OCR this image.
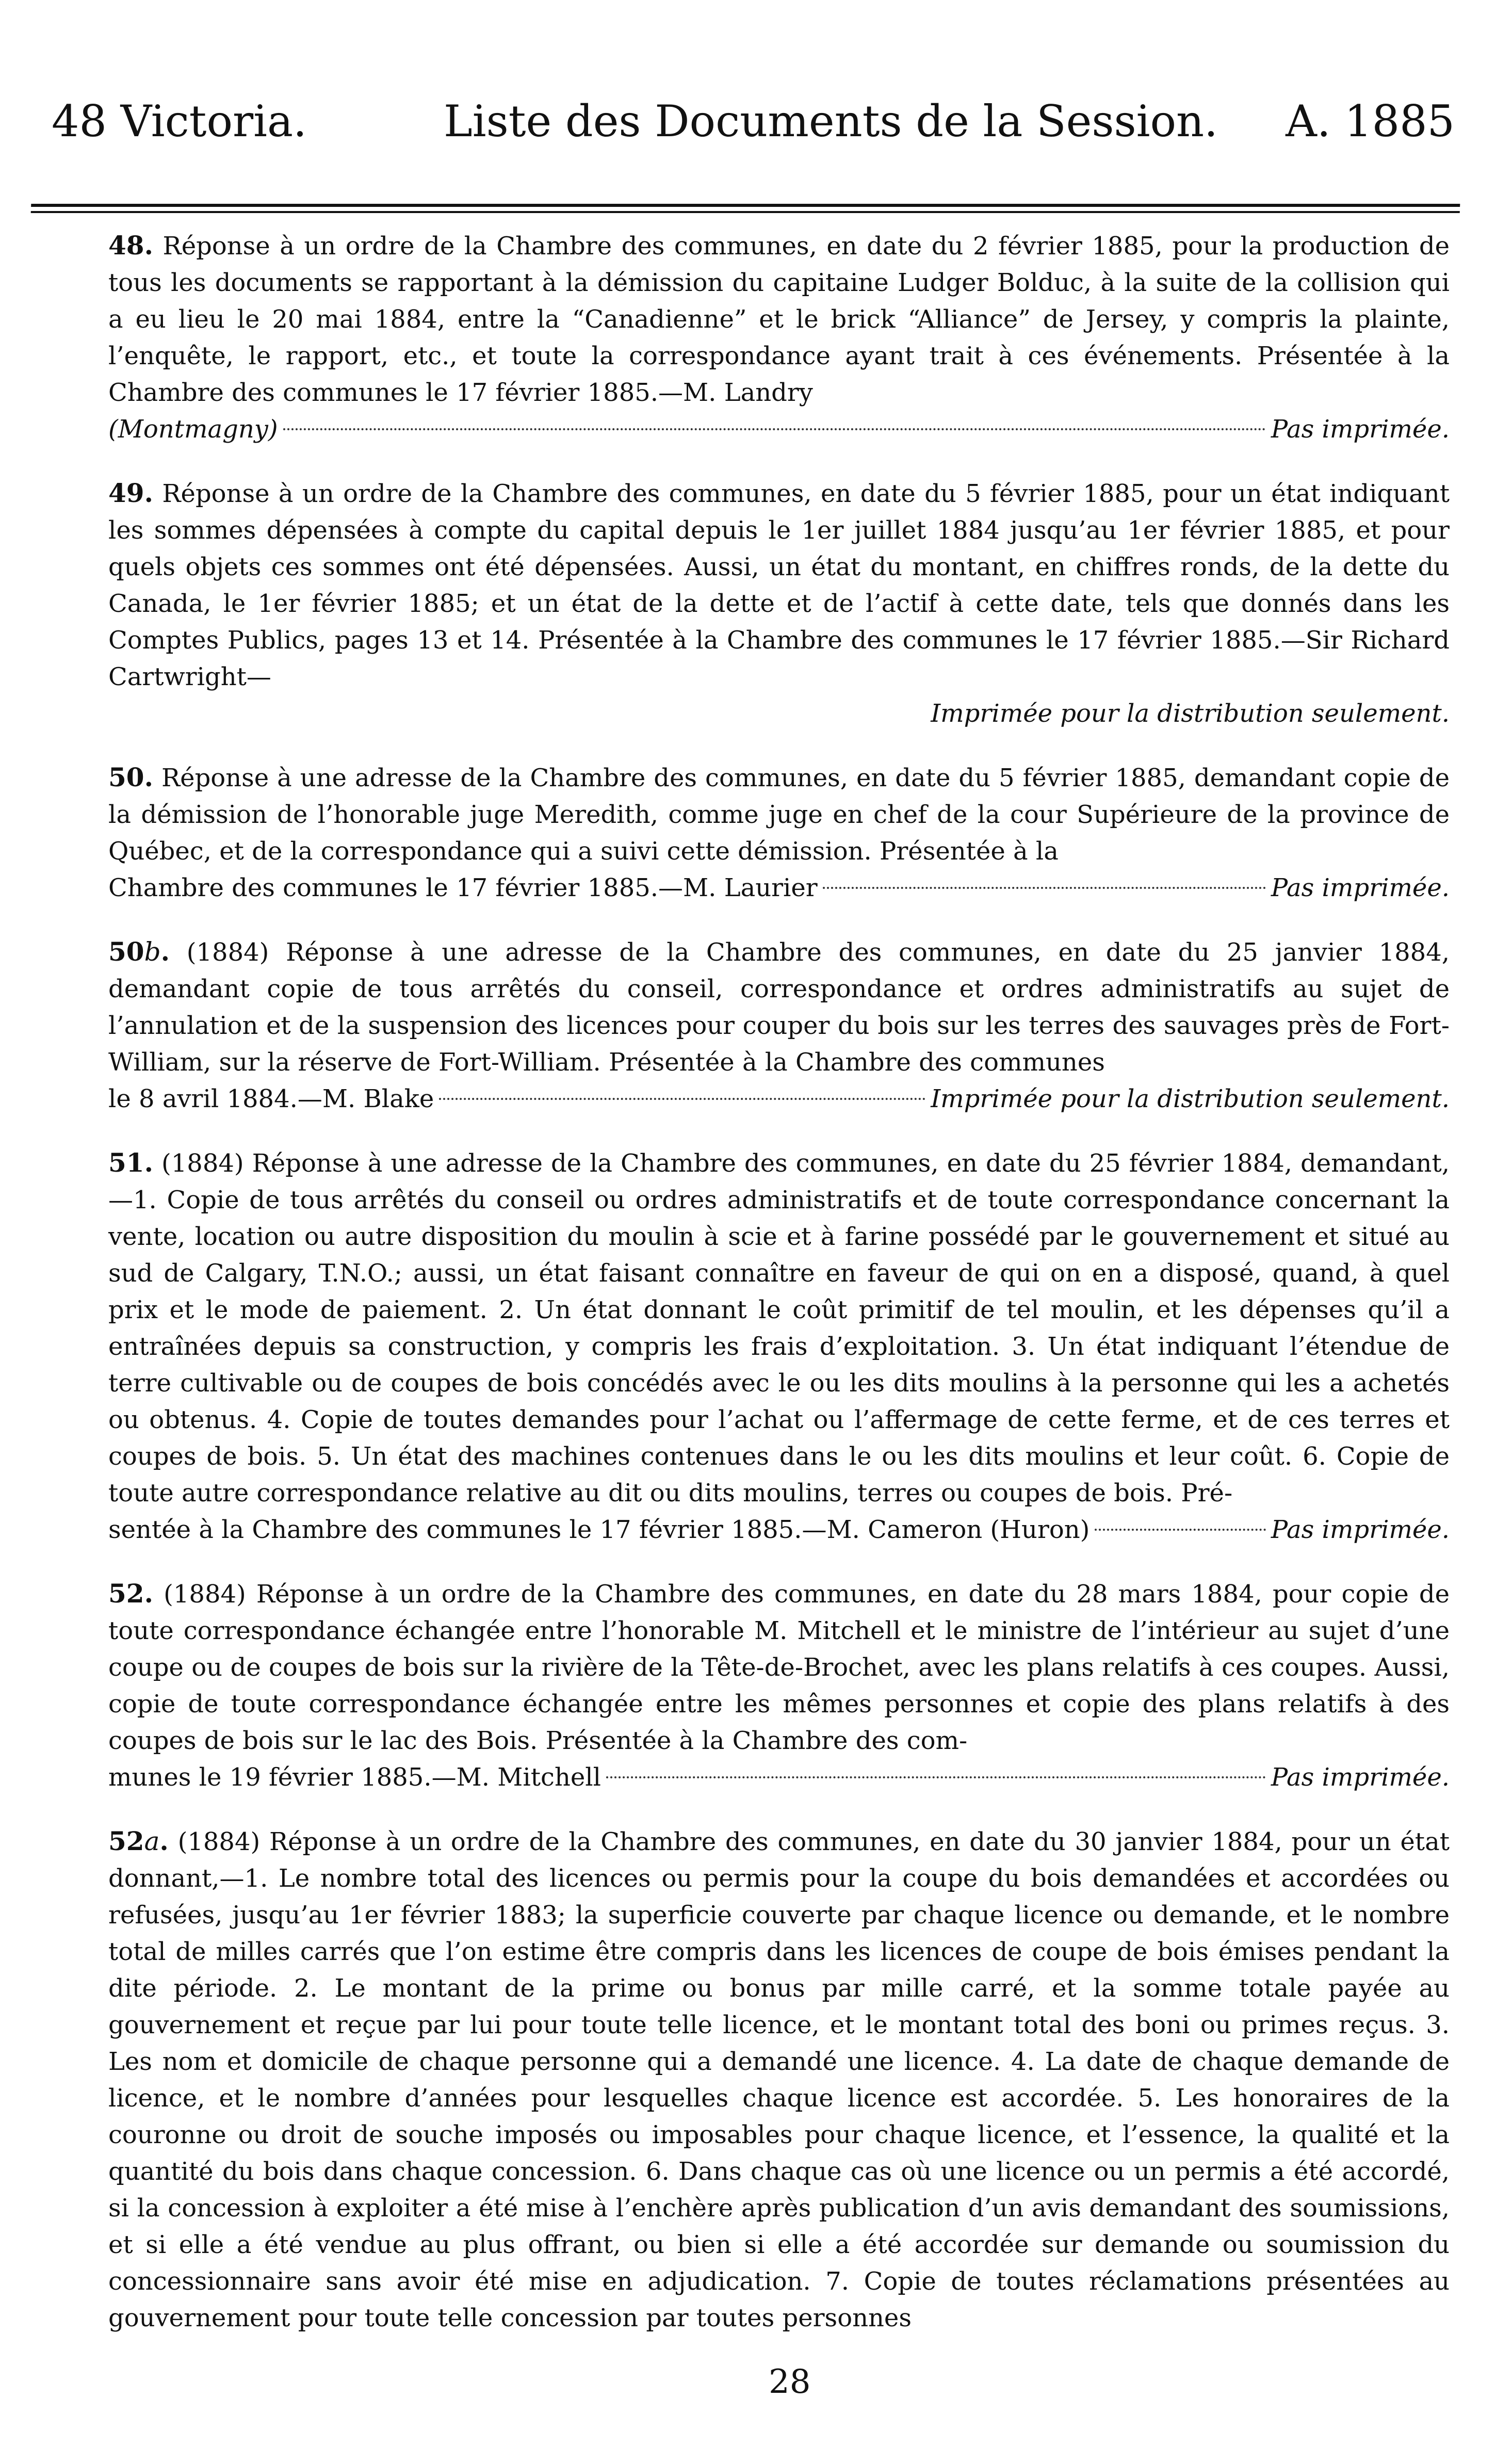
48 Victoria.	Liste des Documents de la Session. A. 1885
48. Réponse à un ordre de la Chambre des communes, en date du 2 février 1885, pour la production de tous les documents se rapportant à la démission du capitaine Ludger Bolduc, à la suite de la collision qui a eu lieu le 20 mai 1884, entre la “Canadienne” et le brick “Alliance” de Jersey, y compris la plainte, l’enquête, le rapport, etc., et toute la correspondance ayant trait à ces événements. Présentée à la Chambre des communes le 17 février 1885.—M. Landry
(Montmagny)	Pas imprimée.
49. Réponse à un ordre de la Chambre des communes, en date du 5 février 1885, pour un état indiquant les sommes dépensées à compte du capital depuis le 1er juillet 1884 jusqu’au 1er février 1885, et pour quels objets ces sommes ont été dépensées. Aussi, un état du montant, en chiffres ronds, de la dette du Canada, le 1er février 1885; et un état de la dette et de l’actif à cette date, tels que donnés dans les Comptes Publics, pages 13 et 14. Présentée à la Chambre des communes le 17 février 1885.—Sir Richard Cartwright—
Imprimée pour la distribution seulement.
50. Réponse à une adresse de la Chambre des communes, en date du 5 février 1885, demandant copie de la démission de l’honorable juge Meredith, comme juge en chef de la cour Supérieure de la province de Québec, et de la correspondance qui a suivi cette démission. Présentée à la
Chambre des communes le 17 février 1885.—M. Laurier	Pas imprimée.
50b. (1884) Réponse à une adresse de la Chambre des communes, en date du 25 janvier 1884, demandant copie de tous arrêtés du conseil, correspondance et ordres administratifs au sujet de l’annulation et de la suspension des licences pour couper du bois sur les terres des sauvages près de Fort-William, sur la réserve de Fort-William. Présentée à la Chambre des communes
le 8 avril 1884.—M. Blake	Imprimée pour la distribution seulement.
51. (1884) Réponse à une adresse de la Chambre des communes, en date du 25 février 1884, demandant,—1. Copie de tous arrêtés du conseil ou ordres administratifs et de toute correspondance concernant la vente, location ou autre disposition du moulin à scie et à farine possédé par le gouvernement et situé au sud de Calgary, T.N.O.; aussi, un état faisant connaître en faveur de qui on en a disposé, quand, à quel prix et le mode de paiement. 2. Un état donnant le coût primitif de tel moulin, et les dépenses qu’il a entraînées depuis sa construction, y compris les frais d’exploitation. 3. Un état indiquant l’étendue de terre cultivable ou de coupes de bois concédés avec le ou les dits moulins à la personne qui les a achetés ou obtenus. 4. Copie de toutes demandes pour l’achat ou l’affermage de cette ferme, et de ces terres et coupes de bois. 5. Un état des machines contenues dans le ou les dits moulins et leur coût. 6. Copie de toute autre correspondance relative au dit ou dits moulins, terres ou coupes de bois. Pré-
sentée à la Chambre des communes le 17 février 1885.—M. Cameron (Huron)	Pas imprimée.
52. (1884) Réponse à un ordre de la Chambre des communes, en date du 28 mars 1884, pour copie de toute correspondance échangée entre l’honorable M. Mitchell et le ministre de l’intérieur au sujet d’une coupe ou de coupes de bois sur la rivière de la Tête-de-Brochet, avec les plans relatifs à ces coupes. Aussi, copie de toute correspondance échangée entre les mêmes personnes et copie des plans relatifs à des coupes de bois sur le lac des Bois. Présentée à la Chambre des com-
munes le 19 février 1885.—M. Mitchell	Pas imprimée.
52a. (1884) Réponse à un ordre de la Chambre des communes, en date du 30 janvier 1884, pour un état donnant,—1. Le nombre total des licences ou permis pour la coupe du bois demandées et accordées ou refusées, jusqu’au 1er février 1883; la superficie couverte par chaque licence ou demande, et le nombre total de milles carrés que l’on estime être compris dans les licences de coupe de bois émises pendant la dite période. 2. Le montant de la prime ou bonus par mille carré, et la somme totale payée au gouvernement et reçue par lui pour toute telle licence, et le montant total des boni ou primes reçus. 3. Les nom et domicile de chaque personne qui a demandé une licence. 4. La date de chaque demande de licence, et le nombre d’années pour lesquelles chaque licence est accordée. 5. Les honoraires de la couronne ou droit de souche imposés ou imposables pour chaque licence, et l’essence, la qualité et la quantité du bois dans chaque concession. 6. Dans chaque cas où une licence ou un permis a été accordé, si la concession à exploiter a été mise à l’enchère après publication d’un avis demandant des soumissions, et si elle a été vendue au plus offrant, ou bien si elle a été accordée sur demande ou soumission du concessionnaire sans avoir été mise en adjudication. 7. Copie de toutes réclamations présentées au gouvernement pour toute telle concession par toutes personnes
28
